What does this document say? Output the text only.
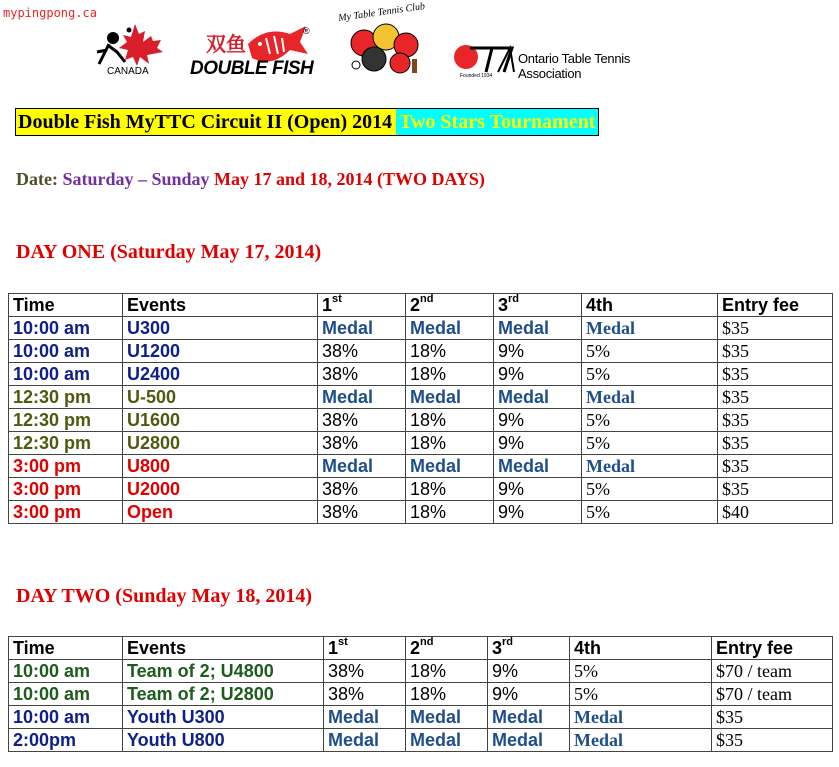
mypingpong.ca
CANADA
双鱼
DOUBLE FISH
®
My Table Tennis Club
Ontario Table Tennis Association
Founded 1934
Double Fish MyTTC Circuit II (Open) 2014 Two Stars Tournament
Date: Saturday – Sunday May 17 and 18, 2014 (TWO DAYS)
DAY ONE (Saturday May 17, 2014)
Time	Events	1st	2nd	3rd	4th	Entry fee
10:00 am	U300	Medal	Medal	Medal	Medal	$35
10:00 am	U1200	38%	18%	9%	5%	$35
10:00 am	U2400	38%	18%	9%	5%	$35
12:30 pm	U-500	Medal	Medal	Medal	Medal	$35
12:30 pm	U1600	38%	18%	9%	5%	$35
12:30 pm	U2800	38%	18%	9%	5%	$35
3:00 pm	U800	Medal	Medal	Medal	Medal	$35
3:00 pm	U2000	38%	18%	9%	5%	$35
3:00 pm	Open	38%	18%	9%	5%	$40
DAY TWO (Sunday May 18, 2014)
Time	Events	1st	2nd	3rd	4th	Entry fee
10:00 am	Team of 2; U4800	38%	18%	9%	5%	$70 / team
10:00 am	Team of 2; U2800	38%	18%	9%	5%	$70 / team
10:00 am	Youth U300	Medal	Medal	Medal	Medal	$35
2:00pm	Youth U800	Medal	Medal	Medal	Medal	$35
